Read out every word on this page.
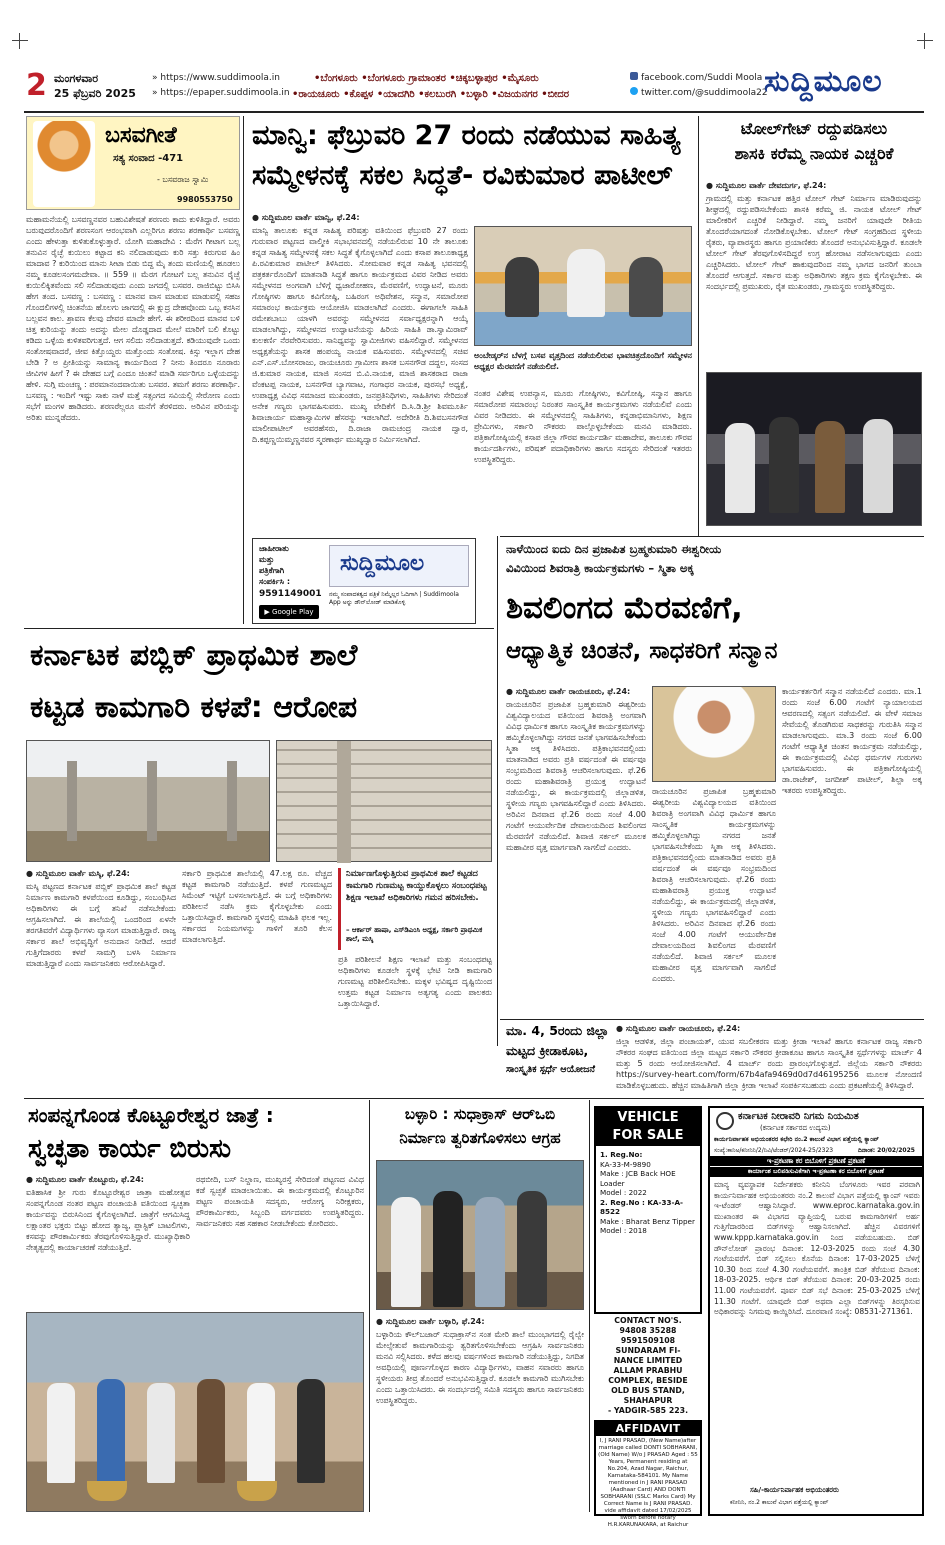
2 ಮಂಗಳವಾರ
25 ಫೆಬ್ರವರಿ 2025
» https://www.suddimoola.in
» https://epaper.suddimoola.in
•ಬೆಂಗಳೂರು •ಬೆಂಗಳೂರು ಗ್ರಾಮಾಂತರ •ಚಿಕ್ಕಬಳ್ಳಾಪುರ •ಮೈಸೂರು
•ರಾಯಚೂರು •ಕೊಪ್ಪಳ •ಯಾದಗಿರಿ •ಕಲಬುರಗಿ •ಬಳ್ಳಾರಿ •ವಿಜಯನಗರ •ಬೀದರ
facebook.com/Suddi Moola
twitter.com/@suddimoola22
ಸುದ್ದಿಮೂಲ
ಬಸವಗೀತೆ
ಸತ್ಯ ಸಂವಾದ -471
- ಬಸವರಾಜ ಸ್ವಾಮಿ
9980553750
ಮಹಾಮನೆಯಲ್ಲಿ ಬಸವಣ್ಣನವರ ಬಹುವಿಶೇಷತೆ ಶರಣರು ಕಾದು ಕುಳಿತಿದ್ದಾರೆ. ಅವರು ಬರುವುದರೊಂದಿಗೆ ಶರಣಸಂಗ ಆರಂಭವಾಗಿ ಎಲ್ಲರಿಗೂ ಶರಣು ಶರಣಾರ್ಥಿ ಬಸವಣ್ಣ ಎಂದು ಹೇಳುತ್ತಾ ಕುಳಿತುಕೊಳ್ಳುತ್ತಾರೆ. ಯೋಗಿ ಮಹಾದೇವಿ : ಮೆರೆಗ ಗೀಟಾಗ ಬಲ್ಲ ತನುವಿನ ರೈಚ್ಛೆ ಕುಯಿಲು ಕಟ್ಟಾದ ಕನಿ ನಲಿದಾಡುವುದು ಕುರಿ ಸತ್ತು ಕಿರುಗುವ ಹಿಂ ಮಾದಾವ ? ಕುರಿಯಿಂದ ಮಾನು ಸೀಟಾ ಬಿಡು ಬಿದ್ದ ಮೈ ತಂದು ಮಣಿಯಲ್ಲಿ ಹೂಡಲು ನಮ್ಮ ಕೂಡಲಸಂಗಮದೇವಾ. ॥ 559 ॥ ಮೆರಗ ಗೋಟಗೆ ಬಲ್ಲ ತನುವಿನ ರೈಚ್ಛೆ ಕುಯಿಲಿಕ್ಕಿತವೆಂದು ಸಲಿ ಸಲಿದಾಡುವುದು ಎಂದು ಜಗದಲ್ಲಿ ಬಸವರ. ರಾಜಿಬಿಟ್ಟು ಬಿಸಿಸಿ ಹೇಗ ತಂದ. ಬಸವಣ್ಣ : ಬಸವಣ್ಣ : ಮಾನವ ವಾಸ ಮಾಡುವ ಮಾಡುವಲ್ಲಿ ಸಹಜ ಗೊಂದಲಿಗಳಲ್ಲಿ ಚಿಂತನೆಯ ಹೊಲಗು ಜಾಗದಲ್ಲಿ ಈ ಕ್ಷುದ್ರ ದೇಹವೊಂದು ಒಬ್ಬ ಕನಸಿನ ಬಲ್ಲವನ ಕಾಲ. ಶ್ರಾವಣ ಕೆಲವು ದೇವರ ಮಾದೇ ಹೇಗೆ. ಈ ಶರೀರದಿಂದ ಮಾನವ ಬಳಿ ಚಿತ್ತ ಕುರಿಯನ್ನು ತಂದು ಅದನ್ನು ಮೇಲ ದೊಡ್ಡದಾದ ಮೇಲೆ ಮಾರಿಗೆ ಬಲಿ ಕೊಟ್ಟು ಕಡಿದು ಒಳ್ಳೆಯ ಕುಳಿತವರಿಗುತ್ತದೆ. ಆಗ ಸಲಿದು ನಲಿದಾಡುತ್ತದೆ. ಕಡಿಯುವುದೇ ಒಂದು ಸಂತೋಷವಾದರೆ, ಜೀವ ಕಿತ್ತೊಯ್ದರು ಮತ್ತೊಂದು ಸಂತೋಷ. ಕಿಸ್ಸು ಇಲ್ಲಾಗ ದೇಹ ಬೇಡಿ ? ಅ ಪ್ರೀತಿಯನ್ನು ಸಾಮಾನ್ಯ ಕಾರ್ಯದಿಂದ ? ನೀನು ತಿಂದರೂ ನೂರಾರು ಜೀವಿಗಳ ಹೀಗೆ ? ಈ ದೇಹದ ಬಗ್ಗೆ ಎಂದೂ ಚಿಂತನೆ ಮಾಡಿ ಸರ್ವರಿಗೂ ಒಳ್ಳೆಯದನ್ನು ಹೇಳಿ. ಸುಗ್ಗಿ ಮಂಚಣ್ಣ : ಪರಮಾನಂದವಾಯಿತು ಬಸವರ. ತಮಗೆ ಶರಣು ಶರಣಾರ್ಥಿ. ಬಸವಣ್ಣ : ಇಂದಿಗೆ ಇಷ್ಟು ಸಾಕು ನಾಳೆ ಮತ್ತೆ ಸತ್ಸಂಗದ ಸವಿಯಲ್ಲಿ ಸೇರೋಣ ಎಂದು ಸಭೆಗೆ ಮಂಗಳ ಹಾಡಿದರು. ಶರಣರೆಲ್ಲರೂ ಮನೆಗೆ ತೆರಳಿದರು. ಅರಿವಿನ ಪರಿಯನ್ನು ಅರಿತು ಮುನ್ನಡೆದರು.
ಮಾನ್ವಿ: ಫೆಬ್ರುವರಿ 27 ರಂದು ನಡೆಯುವ ಸಾಹಿತ್ಯ
ಸಮ್ಮೇಳನಕ್ಕೆ ಸಕಲ ಸಿದ್ಧತೆ- ರವಿಕುಮಾರ ಪಾಟೀಲ್
● ಸುದ್ದಿಮೂಲ ವಾರ್ತೆ ಮಾನ್ವಿ, ಫೆ.24:
ಮಾನ್ವಿ ತಾಲೂಕು ಕನ್ನಡ ಸಾಹಿತ್ಯ ಪರಿಷತ್ತು ವತಿಯಿಂದ ಫೆಬ್ರುವರಿ 27 ರಂದು ಗುರುವಾರ ಪಟ್ಟಣದ ವಾಲ್ಮೀಕಿ ಸಭಾಭವನದಲ್ಲಿ ನಡೆಯಲಿರುವ 10 ನೇ ತಾಲೂಕು ಕನ್ನಡ ಸಾಹಿತ್ಯ ಸಮ್ಮೇಳನಕ್ಕೆ ಸಕಲ ಸಿದ್ಧತೆ ಕೈಗೊಳ್ಳಲಾಗಿದೆ ಎಂದು ಕಸಾಪ ತಾಲೂಕಾಧ್ಯಕ್ಷ ಪಿ.ರವಿಕುಮಾರ ಪಾಟೀಲ್ ತಿಳಿಸಿದರು. ಸೋಮವಾರ ಕನ್ನಡ ಸಾಹಿತ್ಯ ಭವನದಲ್ಲಿ ಪತ್ರಕರ್ತರೊಂದಿಗೆ ಮಾತನಾಡಿ ಸಿದ್ಧತೆ ಹಾಗೂ ಕಾರ್ಯಕ್ರಮದ ವಿವರ ನೀಡಿದ ಅವರು ಸಮ್ಮೇಳನದ ಅಂಗವಾಗಿ ಬೆಳಿಗ್ಗೆ ಧ್ವಜಾರೋಹಣ, ಮೆರವಣಿಗೆ, ಉದ್ಘಾಟನೆ, ಮೂರು ಗೋಷ್ಠಿಗಳು ಹಾಗೂ ಕವಿಗೋಷ್ಠಿ, ಬಹಿರಂಗ ಅಧಿವೇಶನ, ಸನ್ಮಾನ, ಸಮಾರೋಪ ಸಮಾರಂಭ ಕಾರ್ಯಕ್ರಮ ಆಯೋಜಿಸಿ ಮಾಡಲಾಗಿದೆ ಎಂದರು. ಈಗಾಗಲೇ ಸಾಹಿತಿ ರಮೇಶಬಾಬು ಯಾಳಗಿ ಅವರನ್ನು ಸಮ್ಮೇಳನದ ಸರ್ವಾಧ್ಯಕ್ಷರನ್ನಾಗಿ ಆಯ್ಕೆ ಮಾಡಲಾಗಿದ್ದು, ಸಮ್ಮೇಳನದ ಉದ್ಘಾಟನೆಯನ್ನು ಹಿರಿಯ ಸಾಹಿತಿ ಡಾ.ಸ್ವಾಮಿರಾವ್ ಕುಲಕರ್ಣಿ ನೆರವೇರಿಸುವರು. ಸಾನಿಧ್ಯವನ್ನು ಸ್ವಾಮೀಜಿಗಳು ವಹಿಸಲಿದ್ದಾರೆ. ಸಮ್ಮೇಳನದ ಅಧ್ಯಕ್ಷತೆಯನ್ನು ಶಾಸಕ ಹಂಪಯ್ಯ ನಾಯಕ ವಹಿಸುವರು. ಸಮ್ಮೇಳನದಲ್ಲಿ ಸಚಿವ ಎನ್.ಎಸ್.ಬೋಸರಾಜು, ರಾಯಚೂರು ಗ್ರಾಮೀಣ ಶಾಸಕ ಬಸನಗೌಡ ದದ್ದಲ, ಸಂಸದ ಜಿ.ಕುಮಾರ ನಾಯಕ, ಮಾಜಿ ಸಂಸದ ಬಿ.ವಿ.ನಾಯಕ, ಮಾಜಿ ಶಾಸಕರಾದ ರಾಜಾ ವೆಂಕಟಪ್ಪ ನಾಯಕ, ಬಸನಗೌಡ ಬ್ಯಾಗವಾಟ, ಗಂಗಾಧರ ನಾಯಕ, ಪುರಸಭೆ ಅಧ್ಯಕ್ಷೆ, ಉಪಾಧ್ಯಕ್ಷ ವಿವಿಧ ಸಮಾಜದ ಮುಖಂಡರು, ಜನಪ್ರತಿನಿಧಿಗಳು, ಸಾಹಿತಿಗಳು ಸೇರಿದಂತೆ ಅನೇಕ ಗಣ್ಯರು ಭಾಗವಹಿಸುವರು. ಮುಖ್ಯ ವೇದಿಕೆಗೆ ದಿ.ಸಿ.ಡಿ.ಶ್ರೀ ಶಿವಮೂರ್ತಿ ಶಿವಾಚಾರ್ಯ ಮಹಾಸ್ವಾಮಿಗಳ ಹೆಸರನ್ನು ಇಡಲಾಗಿದೆ. ಅದೇರೀತಿ ದಿ.ಶಿವಬಸನಗೌಡ ಮಾಲೀಪಾಟೀಲ್ ಅವರಹೆಸರು, ದಿ.ರಾಜಾ ರಾಮಚಂದ್ರ ನಾಯಕ ದ್ವಾರ, ದಿ.ಕಪ್ಪಣ್ಣಯಿಮ್ಮಣ್ಣನವರ ಸ್ಮರಣಾರ್ಥ ಮುಖ್ಯದ್ವಾರ ನಿರ್ಮಿಸಲಾಗಿದೆ.
ಅಂಬೇಡ್ಕರ್‌ನ ಬೆಳಗ್ಗೆ ಬಸವ ವೃತ್ತದಿಂದ ನಡೆಯಲಿರುವ ಭಾವಚಿತ್ರದೊಂದಿಗೆ ಸಮ್ಮೇಳನ ಅಧ್ಯಕ್ಷರ ಮೆರವಣಿಗೆ ನಡೆಯಲಿದೆ.
ನಂತರ ವಿಶೇಷ ಉಪನ್ಯಾಸ, ಮೂರು ಗೋಷ್ಠಿಗಳು, ಕವಿಗೋಷ್ಠಿ, ಸನ್ಮಾನ ಹಾಗೂ ಸಮಾರೋಪ ಸಮಾರಂಭ ನಿರಂತರ ಸಾಂಸ್ಕೃತಿಕ ಕಾರ್ಯಕ್ರಮಗಳು ನಡೆಯಲಿವೆ ಎಂದು ವಿವರ ನೀಡಿದರು. ಈ ಸಮ್ಮೇಳನದಲ್ಲಿ ಸಾಹಿತಿಗಳು, ಕನ್ನಡಾಭಿಮಾನಿಗಳು, ಶಿಕ್ಷಣ ಪ್ರೇಮಿಗಳು, ಸರ್ಕಾರಿ ನೌಕರರು ಪಾಲ್ಗೊಳ್ಳಬೇಕೆಂದು ಮನವಿ ಮಾಡಿದರು. ಪತ್ರಿಕಾಗೋಷ್ಠಿಯಲ್ಲಿ ಕಸಾಪ ಜಿಲ್ಲಾ ಗೌರವ ಕಾರ್ಯದರ್ಶಿ ಮಹಾದೇವ, ತಾಲೂಕು ಗೌರವ ಕಾರ್ಯದರ್ಶಿಗಳು, ಪರಿಷತ್ ಪದಾಧಿಕಾರಿಗಳು ಹಾಗೂ ಸದಸ್ಯರು ಸೇರಿದಂತೆ ಇತರರು ಉಪಸ್ಥಿತರಿದ್ದರು.
ಟೋಲ್‌ಗೇಟ್ ರದ್ದುಪಡಿಸಲು
ಶಾಸಕಿ ಕರೆಮ್ಮ ನಾಯಕ ಎಚ್ಚರಿಕೆ
● ಸುದ್ದಿಮೂಲ ವಾರ್ತೆ ದೇವದುರ್ಗ, ಫೆ.24:
ಗ್ರಾಮದಲ್ಲಿ ಮತ್ತು ಕರ್ನಾಟಕ ಹತ್ತಿರ ಟೋಲ್ ಗೇಟ್ ನಿರ್ಮಾಣ ಮಾಡಿರುವುದನ್ನು ಶೀಘ್ರದಲ್ಲಿ ರದ್ದುಪಡಿಸಬೇಕೆಂದು ಶಾಸಕಿ ಕರೆಮ್ಮ ಜಿ. ನಾಯಕ ಟೋಲ್ ಗೇಟ್ ಮಾಲೀಕರಿಗೆ ಎಚ್ಚರಿಕೆ ನೀಡಿದ್ದಾರೆ. ನಮ್ಮ ಜನರಿಗೆ ಯಾವುದೇ ರೀತಿಯ ತೊಂದರೆಯಾಗದಂತೆ ನೋಡಿಕೊಳ್ಳಬೇಕು. ಟೋಲ್ ಗೇಟ್ ಸಂಗ್ರಹದಿಂದ ಸ್ಥಳೀಯ ರೈತರು, ವ್ಯಾಪಾರಸ್ಥರು ಹಾಗೂ ಪ್ರಯಾಣಿಕರು ತೊಂದರೆ ಅನುಭವಿಸುತ್ತಿದ್ದಾರೆ. ಕೂಡಲೇ ಟೋಲ್ ಗೇಟ್ ತೆರವುಗೊಳಿಸದಿದ್ದರೆ ಉಗ್ರ ಹೋರಾಟ ನಡೆಸಲಾಗುವುದು ಎಂದು ಎಚ್ಚರಿಸಿದರು. ಟೋಲ್ ಗೇಟ್ ಹಾಕುವುದರಿಂದ ನಮ್ಮ ಭಾಗದ ಜನರಿಗೆ ತುಂಬಾ ತೊಂದರೆ ಆಗುತ್ತದೆ. ಸರ್ಕಾರ ಮತ್ತು ಅಧಿಕಾರಿಗಳು ತಕ್ಷಣ ಕ್ರಮ ಕೈಗೊಳ್ಳಬೇಕು. ಈ ಸಂದರ್ಭದಲ್ಲಿ ಪ್ರಮುಖರು, ರೈತ ಮುಖಂಡರು, ಗ್ರಾಮಸ್ಥರು ಉಪಸ್ಥಿತರಿದ್ದರು.
ಜಾಹೀರಾತು
ಮತ್ತು
ಪತ್ರಿಕೆಗಾಗಿ
ಸಂಪರ್ಕಿಸಿ :
9591149001
▶ Google Play
ಸುದ್ದಿಮೂಲ
ನಮ್ಮ ಸಂಪಾದಕತ್ವದ ಪತ್ರಿಕೆ ನಿಮ್ಮೆಲ್ಲರ ಓದಿಗಾಗಿ | Suddimoola App ಅನ್ನು ಡೌನ್‌ಲೋಡ್ ಮಾಡಿಕೊಳ್ಳಿ
ಕರ್ನಾಟಕ ಪಬ್ಲಿಕ್ ಪ್ರಾಥಮಿಕ ಶಾಲೆ
ಕಟ್ಟಡ ಕಾಮಗಾರಿ ಕಳಪೆ: ಆರೋಪ
● ಸುದ್ದಿಮೂಲ ವಾರ್ತೆ ಮಸ್ಕಿ, ಫೆ.24:
ಮಸ್ಕಿ ಪಟ್ಟಣದ ಕರ್ನಾಟಕ ಪಬ್ಲಿಕ್ ಪ್ರಾಥಮಿಕ ಶಾಲೆ ಕಟ್ಟಡ ನಿರ್ಮಾಣ ಕಾಮಗಾರಿ ಕಳಪೆಯಿಂದ ಕೂಡಿದ್ದು, ಸಂಬಂಧಿಸಿದ ಅಧಿಕಾರಿಗಳು ಈ ಬಗ್ಗೆ ತನಿಖೆ ನಡೆಸಬೇಕೆಂದು ಆಗ್ರಹಿಸಲಾಗಿದೆ. ಈ ಶಾಲೆಯಲ್ಲಿ ಒಂದರಿಂದ ಏಳನೇ ತರಗತಿವರೆಗೆ ವಿದ್ಯಾರ್ಥಿಗಳು ವ್ಯಾಸಂಗ ಮಾಡುತ್ತಿದ್ದಾರೆ. ರಾಜ್ಯ ಸರ್ಕಾರ ಶಾಲೆ ಅಭಿವೃದ್ಧಿಗೆ ಅನುದಾನ ನೀಡಿದೆ. ಆದರೆ ಗುತ್ತಿಗೆದಾರರು ಕಳಪೆ ಸಾಮಗ್ರಿ ಬಳಸಿ ನಿರ್ಮಾಣ ಮಾಡುತ್ತಿದ್ದಾರೆ ಎಂದು ಸಾರ್ವಜನಿಕರು ಆರೋಪಿಸಿದ್ದಾರೆ.
ಸರ್ಕಾರಿ ಪ್ರಾಥಮಿಕ ಶಾಲೆಯಲ್ಲಿ 47.ಲಕ್ಷ ರೂ. ವೆಚ್ಚದ ಕಟ್ಟಡ ಕಾಮಗಾರಿ ನಡೆಯುತ್ತಿದೆ. ಕಳಪೆ ಗುಣಮಟ್ಟದ ಸಿಮೆಂಟ್ ಇಟ್ಟಿಗೆ ಬಳಸಲಾಗುತ್ತಿದೆ. ಈ ಬಗ್ಗೆ ಅಧಿಕಾರಿಗಳು ಪರಿಶೀಲನೆ ನಡೆಸಿ ಕ್ರಮ ಕೈಗೊಳ್ಳಬೇಕು ಎಂದು ಒತ್ತಾಯಿಸಿದ್ದಾರೆ. ಕಾಮಗಾರಿ ಸ್ಥಳದಲ್ಲಿ ಮಾಹಿತಿ ಫಲಕ ಇಲ್ಲ. ಸರ್ಕಾರದ ನಿಯಮಗಳನ್ನು ಗಾಳಿಗೆ ತೂರಿ ಕೆಲಸ ಮಾಡಲಾಗುತ್ತಿದೆ.
ನಿರ್ಮಾಣಗೊಳ್ಳುತ್ತಿರುವ ಪ್ರಾಥಮಿಕ ಶಾಲೆ ಕಟ್ಟಡದ ಕಾಮಗಾರಿ ಗುಣಮಟ್ಟ ಕಾಯ್ದುಕೊಳ್ಳಲು ಸಂಬಂಧಪಟ್ಟ ಶಿಕ್ಷಣ ಇಲಾಖೆ ಅಧಿಕಾರಿಗಳು ಗಮನ ಹರಿಸಬೇಕು.
– ಆರ್ಕಾರ್ ಹಾಷಾ, ಎಸ್‌ಡಿಎಂಸಿ ಅಧ್ಯಕ್ಷ, ಸರ್ಕಾರಿ ಪ್ರಾಥಮಿಕ ಶಾಲೆ, ಮಸ್ಕಿ
ಪ್ರತಿ ಪರಿಶೀಲನೆ ಶಿಕ್ಷಣ ಇಲಾಖೆ ಮತ್ತು ಸಂಬಂಧಪಟ್ಟ ಅಧಿಕಾರಿಗಳು ಕೂಡಲೇ ಸ್ಥಳಕ್ಕೆ ಭೇಟಿ ನೀಡಿ ಕಾಮಗಾರಿ ಗುಣಮಟ್ಟ ಪರಿಶೀಲಿಸಬೇಕು. ಮಕ್ಕಳ ಭವಿಷ್ಯದ ದೃಷ್ಟಿಯಿಂದ ಉತ್ತಮ ಕಟ್ಟಡ ನಿರ್ಮಾಣ ಅತ್ಯಗತ್ಯ ಎಂದು ಪಾಲಕರು ಒತ್ತಾಯಿಸಿದ್ದಾರೆ.
ನಾಳೆಯಿಂದ ಐದು ದಿನ ಪ್ರಜಾಪಿತ ಬ್ರಹ್ಮಕುಮಾರಿ ಈಶ್ವರೀಯ
ವಿವಿಯಿಂದ ಶಿವರಾತ್ರಿ ಕಾರ್ಯಕ್ರಮಗಳು – ಸ್ಮಿತಾ ಅಕ್ಕ
ಶಿವಲಿಂಗದ ಮೆರವಣಿಗೆ,
ಆಧ್ಯಾತ್ಮಿಕ ಚಿಂತನೆ, ಸಾಧಕರಿಗೆ ಸನ್ಮಾನ
● ಸುದ್ದಿಮೂಲ ವಾರ್ತೆ ರಾಯಚೂರು, ಫೆ.24:
ರಾಯಚೂರಿನ ಪ್ರಜಾಪಿತ ಬ್ರಹ್ಮಕುಮಾರಿ ಈಶ್ವರೀಯ ವಿಶ್ವವಿದ್ಯಾಲಯದ ವತಿಯಿಂದ ಶಿವರಾತ್ರಿ ಅಂಗವಾಗಿ ವಿವಿಧ ಧಾರ್ಮಿಕ ಹಾಗೂ ಸಾಂಸ್ಕೃತಿಕ ಕಾರ್ಯಕ್ರಮಗಳನ್ನು ಹಮ್ಮಿಕೊಳ್ಳಲಾಗಿದ್ದು ನಗರದ ಜನತೆ ಭಾಗವಹಿಸಬೇಕೆಂದು ಸ್ಮಿತಾ ಅಕ್ಕ ತಿಳಿಸಿದರು. ಪತ್ರಿಕಾಭವನದಲ್ಲಿಂದು ಮಾತನಾಡಿದ ಅವರು ಪ್ರತಿ ವರ್ಷದಂತೆ ಈ ವರ್ಷವೂ ಸಂಭ್ರಮದಿಂದ ಶಿವರಾತ್ರಿ ಆಚರಿಸಲಾಗುವುದು. ಫೆ.26 ರಂದು ಮಹಾಶಿವರಾತ್ರಿ ಪ್ರಯುಕ್ತ ಉದ್ಘಾಟನೆ ನಡೆಯಲಿದ್ದು, ಈ ಕಾರ್ಯಕ್ರಮದಲ್ಲಿ ಜಿಲ್ಲಾಡಳಿತ, ಸ್ಥಳೀಯ ಗಣ್ಯರು ಭಾಗವಹಿಸಲಿದ್ದಾರೆ ಎಂದು ತಿಳಿಸಿದರು. ಅರಿವಿನ ದಿನವಾದ ಫೆ.26 ರಂದು ಸಂಜೆ 4.00 ಗಂಟೆಗೆ ಆಯುರ್ವೇದಿಕ ದೇವಾಲಯದಿಂದ ಶಿವಲಿಂಗದ ಮೆರವಣಿಗೆ ನಡೆಯಲಿದೆ. ಶಿವಾಜಿ ಸರ್ಕಲ್ ಮೂಲಕ ಮಹಾವೀರ ವೃತ್ತ ಮಾರ್ಗವಾಗಿ ಸಾಗಲಿದೆ ಎಂದರು.
ಕಾರ್ಯಕರ್ತರಿಗೆ ಸನ್ಮಾನ ನಡೆಯಲಿದೆ ಎಂದರು. ಮಾ.1 ರಂದು ಸಂಜೆ 6.00 ಗಂಟೆಗೆ ನ್ಯಾಯಾಲಯದ ಆವರಣದಲ್ಲಿ ಸತ್ಸಂಗ ನಡೆಯಲಿದೆ. ಈ ವೇಳೆ ಸಮಾಜ ಸೇವೆಯಲ್ಲಿ ತೊಡಗಿರುವ ಸಾಧಕರನ್ನು ಗುರುತಿಸಿ ಸನ್ಮಾನ ಮಾಡಲಾಗುವುದು. ಮಾ.3 ರಂದು ಸಂಜೆ 6.00 ಗಂಟೆಗೆ ಆಧ್ಯಾತ್ಮಿಕ ಚಿಂತನ ಕಾರ್ಯಕ್ರಮ ನಡೆಯಲಿದ್ದು, ಈ ಕಾರ್ಯಕ್ರಮದಲ್ಲಿ ವಿವಿಧ ಧರ್ಮಗಳ ಗುರುಗಳು ಭಾಗವಹಿಸುವರು. ಈ ಪತ್ರಿಕಾಗೋಷ್ಠಿಯಲ್ಲಿ ಡಾ.ರಾಜೇಶ್, ಜಗದೀಶ್ ಪಾಟೀಲ್, ಶಿಲ್ಪಾ ಅಕ್ಕ ಇತರರು ಉಪಸ್ಥಿತರಿದ್ದರು.
ರಾಯಚೂರಿನ ಪ್ರಜಾಪಿತ ಬ್ರಹ್ಮಕುಮಾರಿ ಈಶ್ವರೀಯ ವಿಶ್ವವಿದ್ಯಾಲಯದ ವತಿಯಿಂದ ಶಿವರಾತ್ರಿ ಅಂಗವಾಗಿ ವಿವಿಧ ಧಾರ್ಮಿಕ ಹಾಗೂ ಸಾಂಸ್ಕೃತಿಕ ಕಾರ್ಯಕ್ರಮಗಳನ್ನು ಹಮ್ಮಿಕೊಳ್ಳಲಾಗಿದ್ದು ನಗರದ ಜನತೆ ಭಾಗವಹಿಸಬೇಕೆಂದು ಸ್ಮಿತಾ ಅಕ್ಕ ತಿಳಿಸಿದರು. ಪತ್ರಿಕಾಭವನದಲ್ಲಿಂದು ಮಾತನಾಡಿದ ಅವರು ಪ್ರತಿ ವರ್ಷದಂತೆ ಈ ವರ್ಷವೂ ಸಂಭ್ರಮದಿಂದ ಶಿವರಾತ್ರಿ ಆಚರಿಸಲಾಗುವುದು. ಫೆ.26 ರಂದು ಮಹಾಶಿವರಾತ್ರಿ ಪ್ರಯುಕ್ತ ಉದ್ಘಾಟನೆ ನಡೆಯಲಿದ್ದು, ಈ ಕಾರ್ಯಕ್ರಮದಲ್ಲಿ ಜಿಲ್ಲಾಡಳಿತ, ಸ್ಥಳೀಯ ಗಣ್ಯರು ಭಾಗವಹಿಸಲಿದ್ದಾರೆ ಎಂದು ತಿಳಿಸಿದರು. ಅರಿವಿನ ದಿನವಾದ ಫೆ.26 ರಂದು ಸಂಜೆ 4.00 ಗಂಟೆಗೆ ಆಯುರ್ವೇದಿಕ ದೇವಾಲಯದಿಂದ ಶಿವಲಿಂಗದ ಮೆರವಣಿಗೆ ನಡೆಯಲಿದೆ. ಶಿವಾಜಿ ಸರ್ಕಲ್ ಮೂಲಕ ಮಹಾವೀರ ವೃತ್ತ ಮಾರ್ಗವಾಗಿ ಸಾಗಲಿದೆ ಎಂದರು.
ಮಾ. 4, 5ರಂದು ಜಿಲ್ಲಾ
ಮಟ್ಟದ ಕ್ರೀಡಾಕೂಟ,
ಸಾಂಸ್ಕೃತಿಕ ಸ್ಪರ್ಧೆ ಆಯೋಜನೆ
● ಸುದ್ದಿಮೂಲ ವಾರ್ತೆ ರಾಯಚೂರು, ಫೆ.24:
ಜಿಲ್ಲಾ ಆಡಳಿತ, ಜಿಲ್ಲಾ ಪಂಚಾಯತ್, ಯುವ ಸಬಲೀಕರಣ ಮತ್ತು ಕ್ರೀಡಾ ಇಲಾಖೆ ಹಾಗೂ ಕರ್ನಾಟಕ ರಾಜ್ಯ ಸರ್ಕಾರಿ ನೌಕರರ ಸಂಘದ ವತಿಯಿಂದ ಜಿಲ್ಲಾ ಮಟ್ಟದ ಸರ್ಕಾರಿ ನೌಕರರ ಕ್ರೀಡಾಕೂಟ ಹಾಗೂ ಸಾಂಸ್ಕೃತಿಕ ಸ್ಪರ್ಧೆಗಳನ್ನು ಮಾರ್ಚ್ 4 ಮತ್ತು 5 ರಂದು ಆಯೋಜಿಸಲಾಗಿದೆ. 4 ಮಾರ್ಚ್ ರಂದು ಪ್ರಾರಂಭಗೊಳ್ಳುತ್ತದೆ. ಜಿಲ್ಲೆಯ ಸರ್ಕಾರಿ ನೌಕರರು https://survey-heart.com/form/67b4afa9469d0d7d46195256 ಮೂಲಕ ನೋಂದಣಿ ಮಾಡಿಕೊಳ್ಳಬಹುದು. ಹೆಚ್ಚಿನ ಮಾಹಿತಿಗಾಗಿ ಜಿಲ್ಲಾ ಕ್ರೀಡಾ ಇಲಾಖೆ ಸಂಪರ್ಕಿಸಬಹುದು ಎಂದು ಪ್ರಕಟಣೆಯಲ್ಲಿ ತಿಳಿಸಿದ್ದಾರೆ.
ಸಂಪನ್ನಗೊಂಡ ಕೊಟ್ಟೂರೇಶ್ವರ ಜಾತ್ರೆ :
ಸ್ವಚ್ಛತಾ ಕಾರ್ಯ ಬಿರುಸು
● ಸುದ್ದಿಮೂಲ ವಾರ್ತೆ ಕೊಟ್ಟೂರು, ಫೆ.24:
ಐತಿಹಾಸಿಕ ಶ್ರೀ ಗುರು ಕೊಟ್ಟೂರೇಶ್ವರ ಜಾತ್ರಾ ಮಹೋತ್ಸವ ಸಂಪನ್ನಗೊಂಡ ನಂತರ ಪಟ್ಟಣ ಪಂಚಾಯತಿ ವತಿಯಿಂದ ಸ್ವಚ್ಛತಾ ಕಾರ್ಯವನ್ನು ಬಿರುಸಿನಿಂದ ಕೈಗೊಳ್ಳಲಾಗಿದೆ. ಜಾತ್ರೆಗೆ ಆಗಮಿಸಿದ್ದ ಲಕ್ಷಾಂತರ ಭಕ್ತರು ಬಿಟ್ಟು ಹೋದ ತ್ಯಾಜ್ಯ, ಪ್ಲಾಸ್ಟಿಕ್ ಬಾಟಲಿಗಳು, ಕಸವನ್ನು ಪೌರಕಾರ್ಮಿಕರು ತೆರವುಗೊಳಿಸುತ್ತಿದ್ದಾರೆ. ಮುಖ್ಯಾಧಿಕಾರಿ ನೇತೃತ್ವದಲ್ಲಿ ಕಾರ್ಯಾಚರಣೆ ನಡೆಯುತ್ತಿದೆ.
ರಥಬೀದಿ, ಬಸ್ ನಿಲ್ದಾಣ, ಮುಖ್ಯರಸ್ತೆ ಸೇರಿದಂತೆ ಪಟ್ಟಣದ ವಿವಿಧ ಕಡೆ ಸ್ವಚ್ಛತೆ ಮಾಡಲಾಯಿತು. ಈ ಕಾರ್ಯಕ್ರಮದಲ್ಲಿ ಕೊಟ್ಟೂರಿನ ಪಟ್ಟಣ ಪಂಚಾಯತಿ ಸದಸ್ಯರು, ಆರೋಗ್ಯ ನಿರೀಕ್ಷಕರು, ಪೌರಕಾರ್ಮಿಕರು, ಸಿಬ್ಬಂದಿ ವರ್ಗದವರು ಉಪಸ್ಥಿತರಿದ್ದರು. ಸಾರ್ವಜನಿಕರು ಸಹ ಸಹಕಾರ ನೀಡಬೇಕೆಂದು ಕೋರಿದರು.
ಬಳ್ಳಾರಿ : ಸುಧಾಕ್ರಾಸ್ ಆರ್‌ಒಬಿ
ನಿರ್ಮಾಣ ತ್ವರಿತಗೊಳಿಸಲು ಆಗ್ರಹ
● ಸುದ್ದಿಮೂಲ ವಾರ್ತೆ ಬಳ್ಳಾರಿ, ಫೆ.24:
ಬಳ್ಳಾರಿಯ ಕೌಲ್‌ಬಜಾರ್ ಸುಧಾಕ್ರಾಸ್‌ನ ಸಂತ ಮೇರಿ ಶಾಲೆ ಮುಂಭಾಗದಲ್ಲಿ ರೈಲ್ವೇ ಮೇಲ್ಸೇತುವೆ ಕಾಮಗಾರಿಯನ್ನು ತ್ವರಿತಗೊಳಿಸಬೇಕೆಂದು ಆಗ್ರಹಿಸಿ ಸಾರ್ವಜನಿಕರು ಮನವಿ ಸಲ್ಲಿಸಿದರು. ಕಳೆದ ಹಲವು ವರ್ಷಗಳಿಂದ ಕಾಮಗಾರಿ ನಡೆಯುತ್ತಿದ್ದು, ನಿಗದಿತ ಅವಧಿಯಲ್ಲಿ ಪೂರ್ಣಗೊಳ್ಳದ ಕಾರಣ ವಿದ್ಯಾರ್ಥಿಗಳು, ವಾಹನ ಸವಾರರು ಹಾಗೂ ಸ್ಥಳೀಯರು ತೀವ್ರ ತೊಂದರೆ ಅನುಭವಿಸುತ್ತಿದ್ದಾರೆ. ಕೂಡಲೇ ಕಾಮಗಾರಿ ಮುಗಿಸಬೇಕು ಎಂದು ಒತ್ತಾಯಿಸಿದರು. ಈ ಸಂದರ್ಭದಲ್ಲಿ ಸಮಿತಿ ಸದಸ್ಯರು ಹಾಗೂ ಸಾರ್ವಜನಿಕರು ಉಪಸ್ಥಿತರಿದ್ದರು.
VEHICLE
FOR SALE
1. Reg.No:
KA-33-M-9890
Make : JCB Back HOE Loader
Model : 2022
2. Reg.No : KA-33-A-8522
Make : Bharat Benz Tipper
Model : 2018
CONTACT NO'S.
94808 35288
9591509108
SUNDARAM FI-
NANCE LIMITED
ALLAM PRABHU
COMPLEX, BESIDE
OLD BUS STAND,
SHAHAPUR
- YADGIR-585 223.
AFFIDAVIT
I, J RANI PRASAD, (New Name)after marriage called DONTI SOBHARANI, (Old Name) W/o J PRASAD Aged : 55 Years, Permanent residing at No.204, Azad Nagar, Raichur, Karnataka-584101. My Name mentioned in J RANI PRASAD (Aadhaar Card) AND DONTI SOBHARANI (SSLC Marks Card) My Correct Name is J RANI PRASAD. vide affidavit dated 17/02/2025 sworn before notary H.R.KARUNAKARA, at Raichur
ಕರ್ನಾಟಕ ನೀರಾವರಿ ನಿಗಮ ನಿಯಮಿತ
(ಕರ್ನಾಟಕ ಸರ್ಕಾರದ ಉದ್ಯಮ)
ಕಾರ್ಯನಿರ್ವಾಹಕ ಅಭಿಯಂತರರ ಕಛೇರಿ ನಂ.2 ಕಾಲುವೆ ವಿಭಾಗ ಪತ್ತೆಯಲ್ಲಿ ಕ್ಯಾಂಪ್
ಸಂಖ್ಯೆ:ಕಾನಿಅ/ಕನೀನಿನಿ/2/ನಿವಿ/ಟೆಂಡರ್/2024-25/2323	ದಿನಾಂಕ: 20/02/2025
ಇ-ಪ್ರಕಟಣಾ ಕರ ಬಿಬೊಳಿಗೆ ಪ್ರಕಟಣೆ ಪ್ರಕಟಣೆ
ಕಾರ್ಯಾಂಶ ಬಲಿಪಡಿಸುವಿಕೆಗಾಗಿ ಇ-ಪ್ರಕಟಣಾ ಕರ ಬಿಬೊಳಿಗೆ ಪ್ರಕಟಣೆ
ಮಾನ್ಯ ವ್ಯವಸ್ಥಾಪಕ ನಿರ್ದೇಶಕರು ಕನೀನಿನಿ ಬೆಂಗಳೂರು ಇವರ ಪರವಾಗಿ ಕಾರ್ಯನಿರ್ವಾಹಕ ಅಭಿಯಂತರರು ನಂ.2 ಕಾಲುವೆ ವಿಭಾಗ ಪತ್ತೆಯಲ್ಲಿ ಕ್ಯಾಂಪ್ ಇವರು ಇ-ಟೆಂಡರ್ ಆಹ್ವಾನಿಸಿದ್ದಾರೆ. www.eproc.karnataka.gov.in ಮುಖಾಂತರ ಈ ವಿಭಾಗದ ವ್ಯಾಪ್ತಿಯಲ್ಲಿ ಬರುವ ಕಾಮಗಾರಿಗಳಿಗೆ ಅರ್ಹ ಗುತ್ತಿಗೆದಾರರಿಂದ ಬಿಡ್‌ಗಳನ್ನು ಆಹ್ವಾನಿಸಲಾಗಿದೆ. ಹೆಚ್ಚಿನ ವಿವರಗಳಿಗೆ www.kppp.karnataka.gov.in ನಿಂದ ಪಡೆಯಬಹುದು. ಬಿಡ್ ಡೌನ್‌ಲೋಡ್ ಪ್ರಾರಂಭ ದಿನಾಂಕ: 12-03-2025 ರಂದು ಸಂಜೆ 4.30 ಗಂಟೆಯವರೆಗೆ. ಬಿಡ್ ಸಲ್ಲಿಸಲು ಕೊನೆಯ ದಿನಾಂಕ: 17-03-2025 ಬೆಳಿಗ್ಗೆ 10.30 ರಿಂದ ಸಂಜೆ 4.30 ಗಂಟೆಯವರೆಗೆ. ತಾಂತ್ರಿಕ ಬಿಡ್ ತೆರೆಯುವ ದಿನಾಂಕ: 18-03-2025. ಆರ್ಥಿಕ ಬಿಡ್ ತೆರೆಯುವ ದಿನಾಂಕ: 20-03-2025 ರಂದು 11.00 ಗಂಟೆಯವರೆಗೆ. ಪೂರ್ವ ಬಿಡ್ ಸಭೆ ದಿನಾಂಕ: 25-03-2025 ಬೆಳಿಗ್ಗೆ 11.30 ಗಂಟೆಗೆ. ಯಾವುದೇ ಬಿಡ್ ಅಥವಾ ಎಲ್ಲಾ ಬಿಡ್‌ಗಳನ್ನು ತಿರಸ್ಕರಿಸುವ ಅಧಿಕಾರವನ್ನು ನಿಗಮವು ಕಾಯ್ದಿರಿಸಿದೆ. ದೂರವಾಣಿ ಸಂಖ್ಯೆ: 08531-271361.
ಸಹಿ/-ಕಾರ್ಯನಿರ್ವಾಹಕ ಅಭಿಯಂತರರು
ಕನೀನಿನಿ, ನಂ.2 ಕಾಲುವೆ ವಿಭಾಗ ಪತ್ತೆಯಲ್ಲಿ ಕ್ಯಾಂಪ್
